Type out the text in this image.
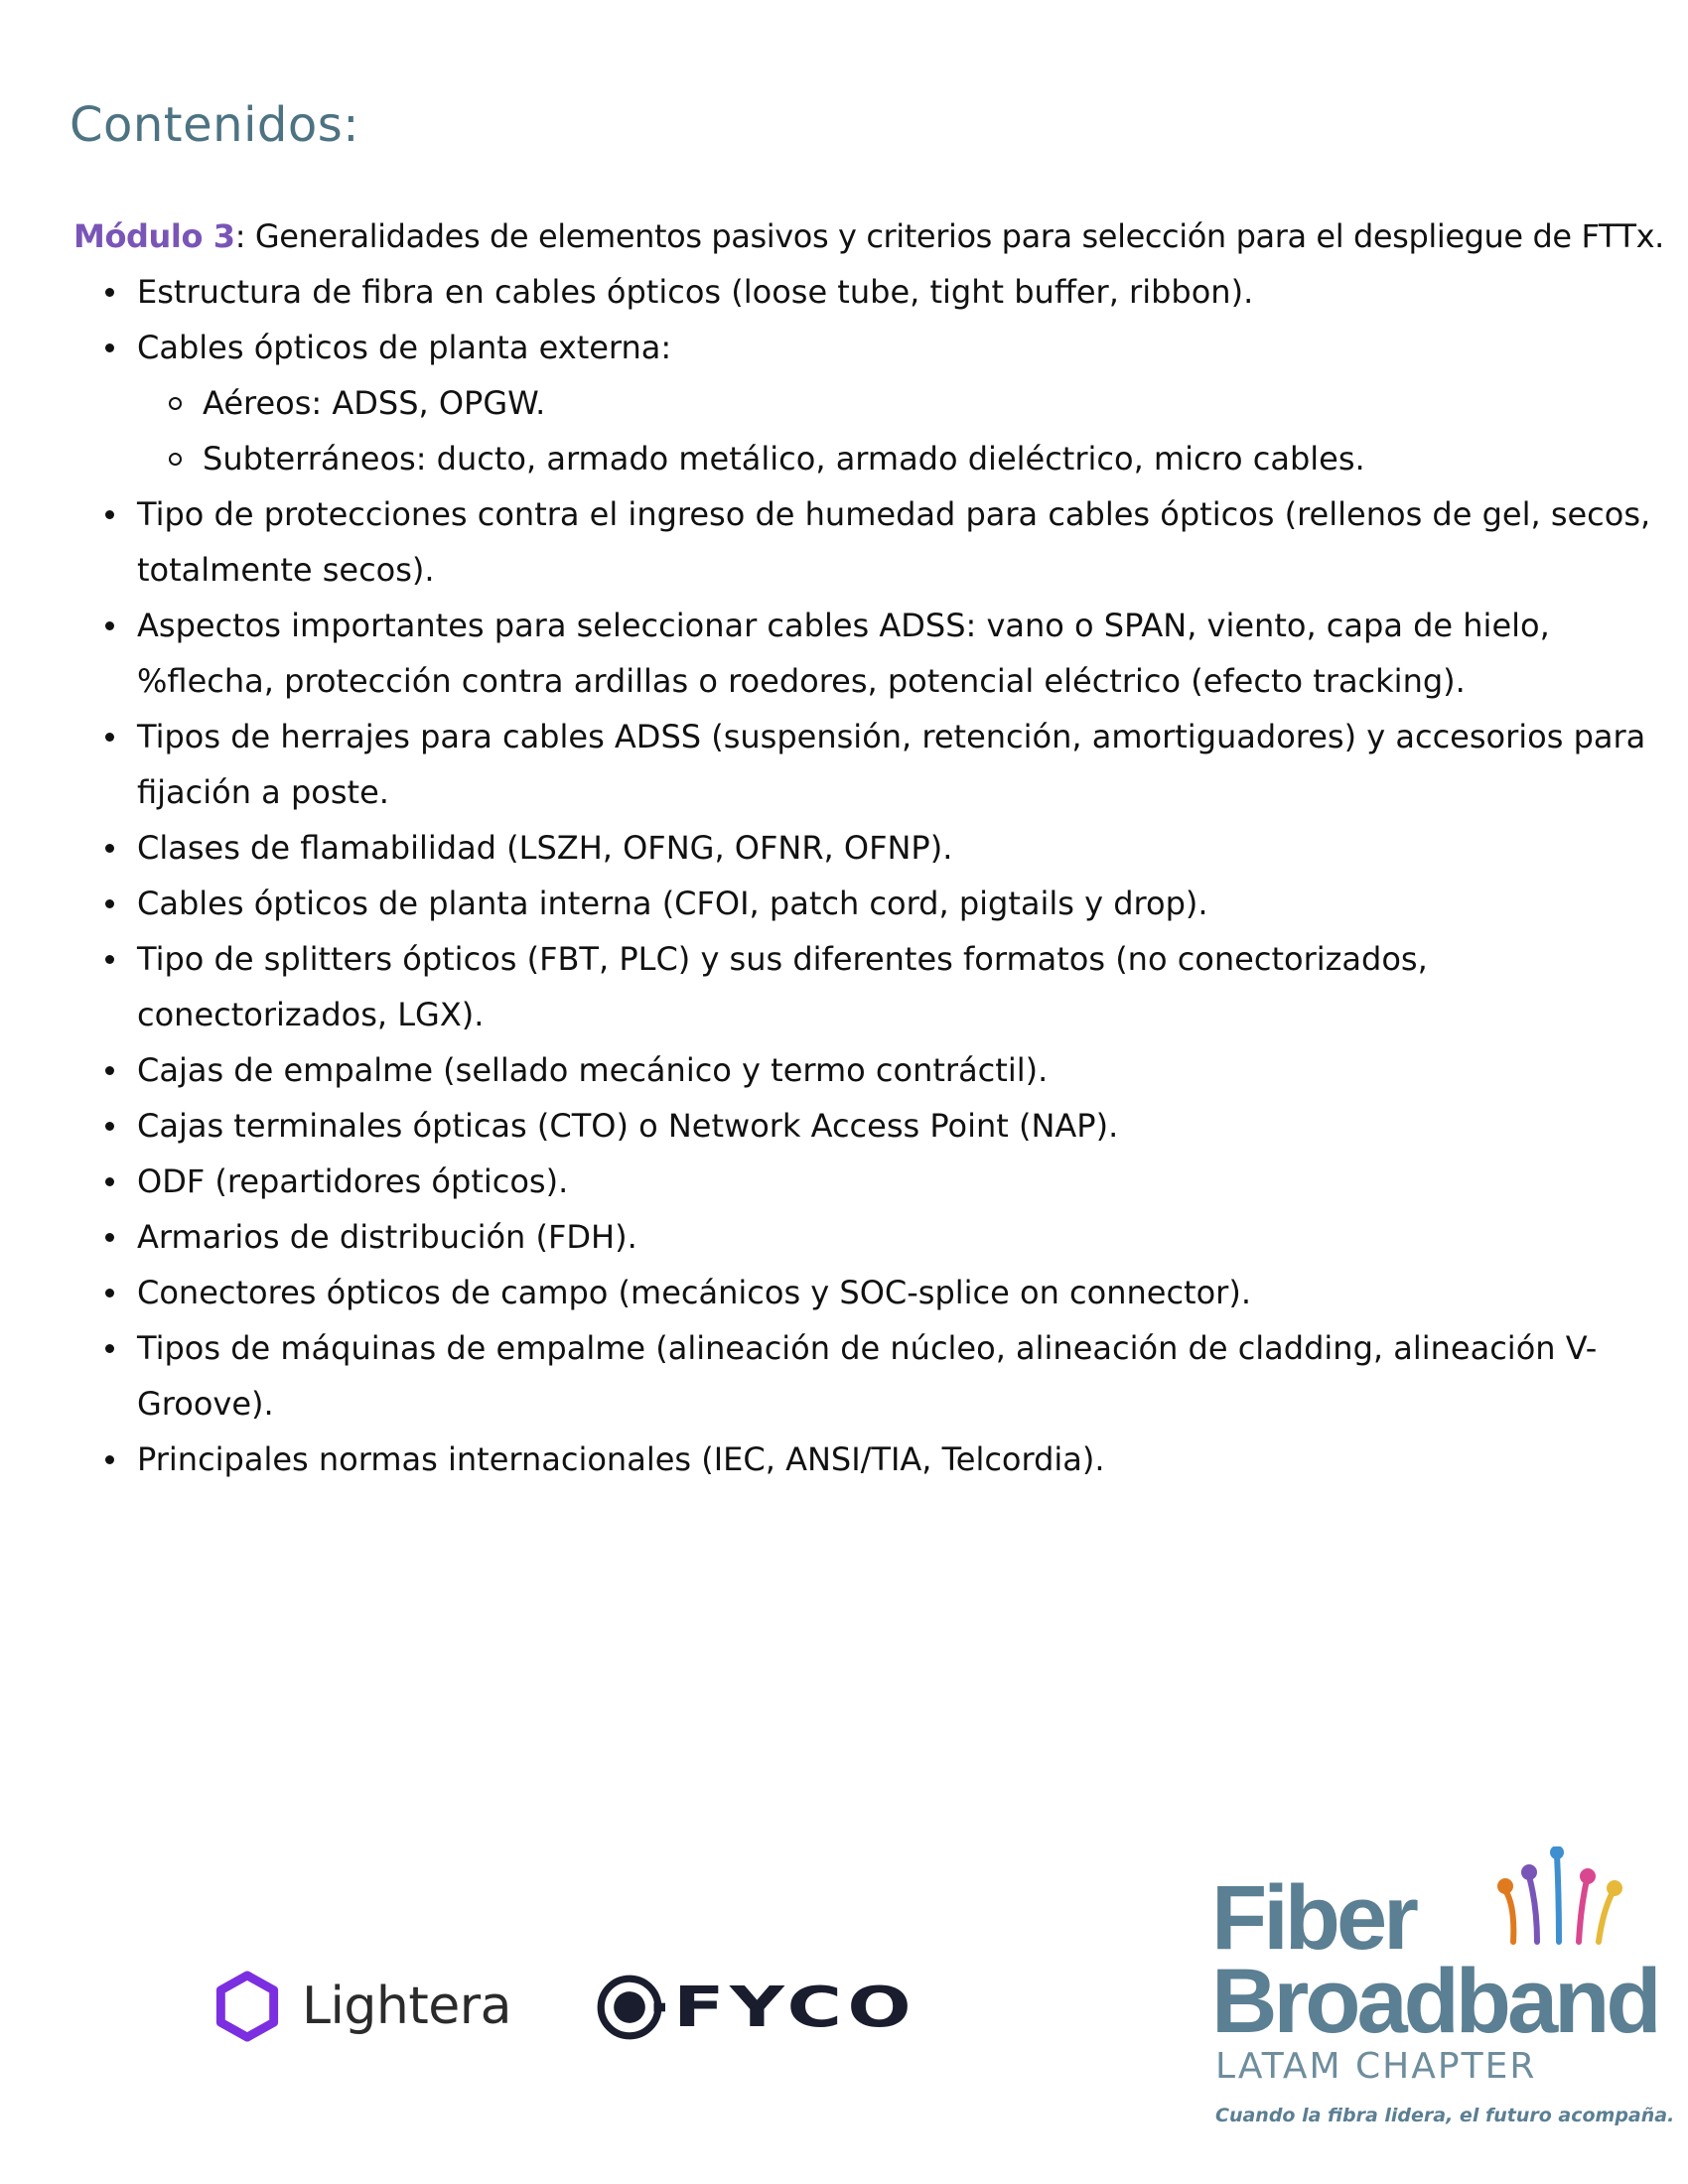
Contenidos:

Módulo 3: Generalidades de elementos pasivos y criterios para selección para el despliegue de FTTx.

Estructura de fibra en cables ópticos (loose tube, tight buffer, ribbon).
Cables ópticos de planta externa:
Aéreos: ADSS, OPGW.
Subterráneos: ducto, armado metálico, armado dieléctrico, micro cables.
Tipo de protecciones contra el ingreso de humedad para cables ópticos (rellenos de gel, secos, totalmente secos).
Aspectos importantes para seleccionar cables ADSS: vano o SPAN, viento, capa de hielo, %flecha, protección contra ardillas o roedores, potencial eléctrico (efecto tracking).
Tipos de herrajes para cables ADSS (suspensión, retención, amortiguadores) y accesorios para fijación a poste.
Clases de flamabilidad (LSZH, OFNG, OFNR, OFNP).
Cables ópticos de planta interna (CFOI, patch cord, pigtails y drop).
Tipo de splitters ópticos (FBT, PLC) y sus diferentes formatos (no conectorizados, conectorizados, LGX).
Cajas de empalme (sellado mecánico y termo contráctil).
Cajas terminales ópticas (CTO) o Network Access Point (NAP).
ODF (repartidores ópticos).
Armarios de distribución (FDH).
Conectores ópticos de campo (mecánicos y SOC-splice on connector).
Tipos de máquinas de empalme (alineación de núcleo, alineación de cladding, alineación V-Groove).
Principales normas internacionales (IEC, ANSI/TIA, Telcordia).
Lightera	FYCO
Fiber
Broadband
LATAM CHAPTER
Cuando la fibra lidera, el futuro acompaña.
